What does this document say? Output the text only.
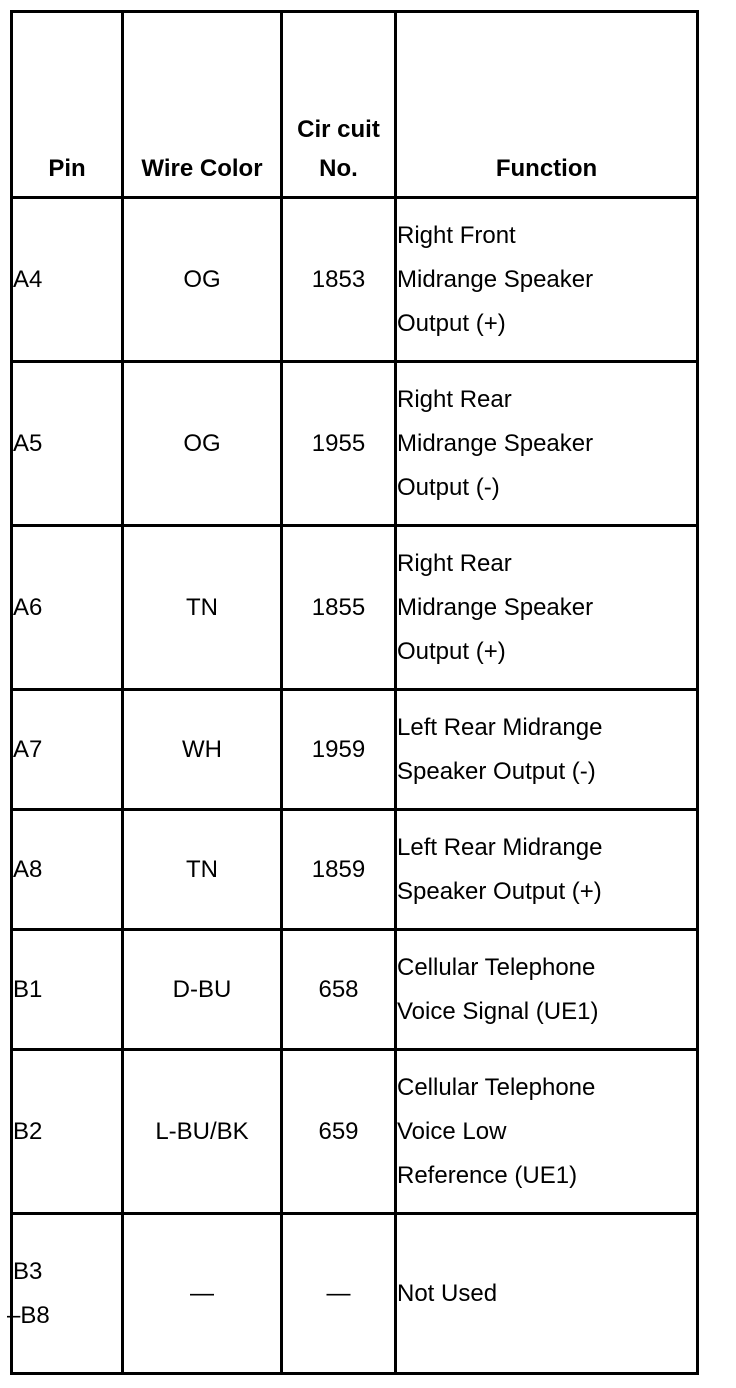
Pin	Wire Color	Cir cuit No.	Function
A4	OG	1853	Right Front
Midrange Speaker
Output (+)

A5	OG	1955	Right Rear
Midrange Speaker
Output (-)

A6	TN	1855	Right Rear
Midrange Speaker
Output (+)

A7	WH	1959	Left Rear Midrange
Speaker Output (-)

A8	TN	1859	Left Rear Midrange
Speaker Output (+)

B1	D-BU	658	Cellular Telephone
Voice Signal (UE1)

B2	L-BU/BK	659	Cellular Telephone
Voice Low
Reference (UE1)

B3
–B8	—	—	Not Used
